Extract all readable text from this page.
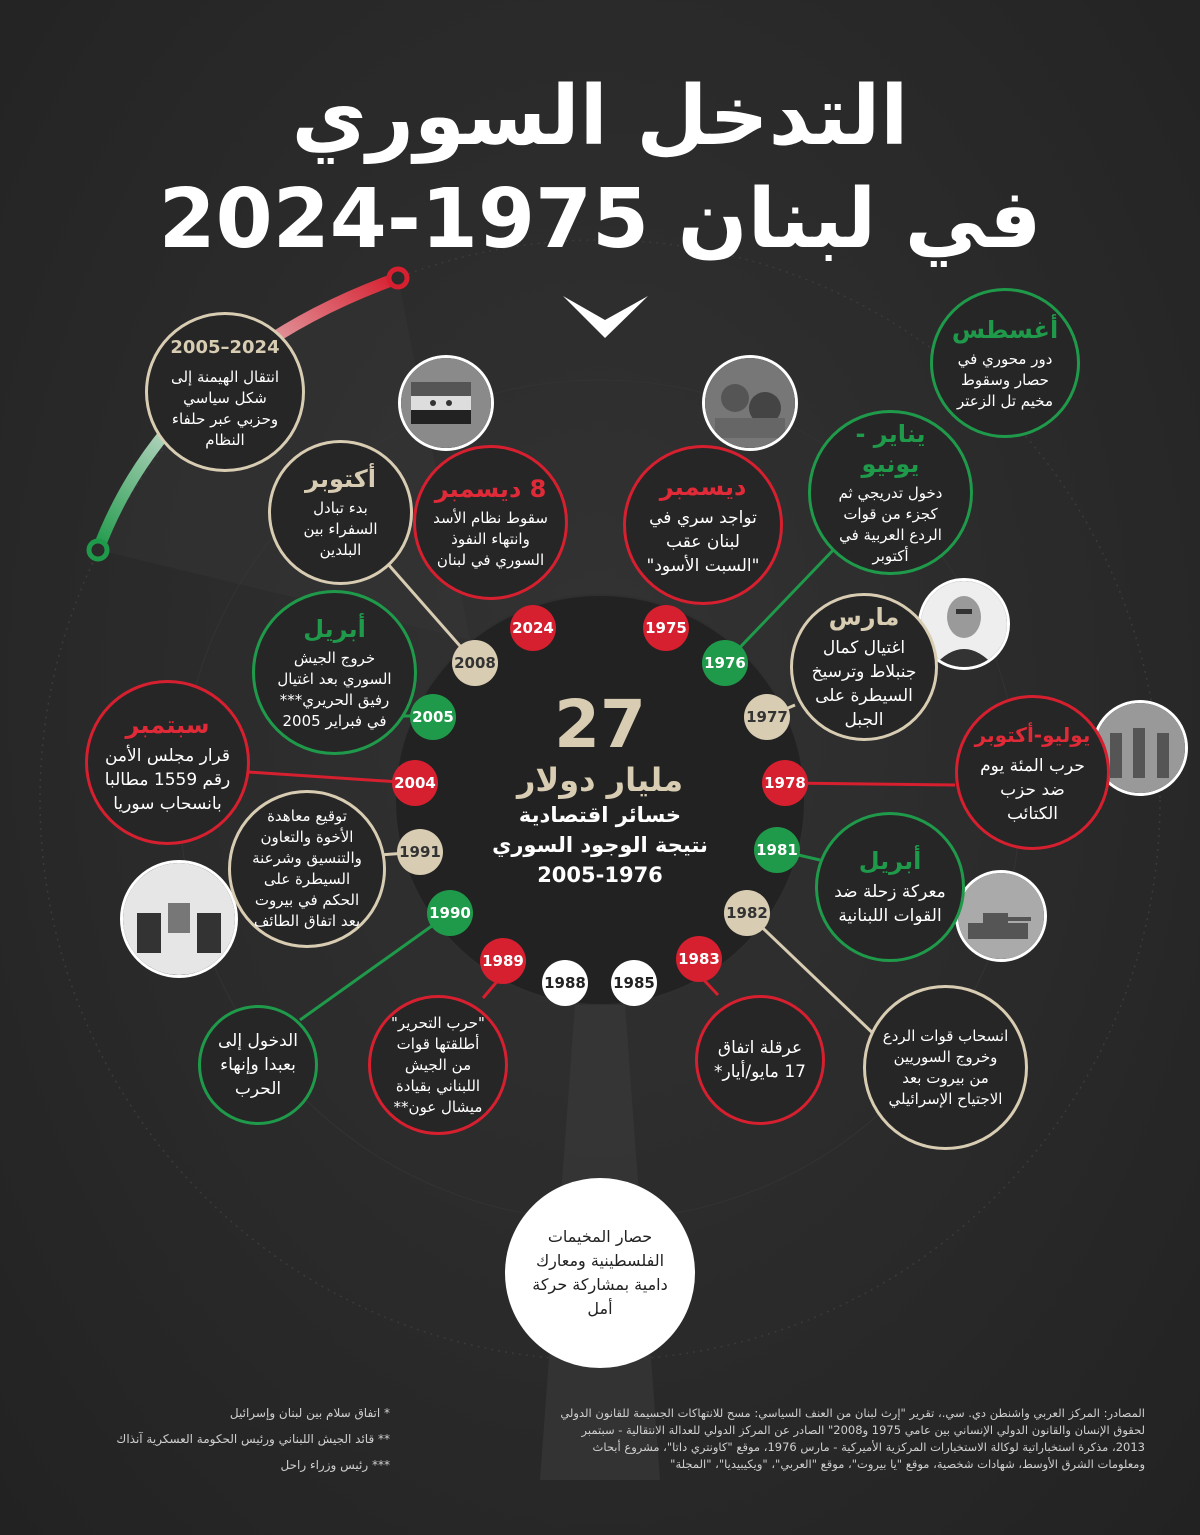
التدخل السوري
في لبنان 1975-2024
2024–2005
انتقال الهيمنة إلى شكل سياسي وحزبي عبر حلفاء النظام
أغسطس
دور محوري في حصار وسقوط مخيم تل الزعتر
أكتوبر
بدء تبادل السفراء بين البلدين
8 ديسمبر
سقوط نظام الأسد وانتهاء النفوذ السوري في لبنان
ديسمبر
تواجد سري في لبنان عقب "السبت الأسود"
يناير - يونيو
دخول تدريجي ثم كجزء من قوات الردع العربية في أكتوبر
أبريل
خروج الجيش السوري بعد اغتيال رفيق الحريري*** في فبراير 2005
مارس
اغتيال كمال جنبلاط وترسيخ السيطرة على الجبل
سبتمبر
قرار مجلس الأمن رقم 1559 مطالبا بانسحاب سوريا
يوليو-أكتوبر
حرب المئة يوم ضد حزب الكتائب
توقيع معاهدة الأخوة والتعاون والتنسيق وشرعنة السيطرة على الحكم في بيروت بعد اتفاق الطائف
أبريل
معركة زحلة ضد القوات اللبنانية
الدخول إلى بعبدا وإنهاء الحرب
"حرب التحرير" أطلقتها قوات من الجيش اللبناني بقيادة ميشال عون**
عرقلة اتفاق 17 مايو/أيار*
انسحاب قوات الردع وخروج السوريين من بيروت بعد الاجتياح الإسرائيلي
حصار المخيمات الفلسطينية ومعارك دامية بمشاركة حركة أمل
2024	1975
2008	1976
2005	1977
2004	1978
1991	1981
1990	1982
1989	1983
1988 1985
27
مليار دولار
خسائر اقتصادية
نتيجة الوجود السوري
2005-1976
المصادر: المركز العربي واشنطن دي. سي.، تقرير "إرث لبنان من العنف السياسي: مسح للانتهاكات الجسيمة للقانون الدولي لحقوق الإنسان والقانون الدولي الإنساني بين عامي 1975 و2008" الصادر عن المركز الدولي للعدالة الانتقالية - سبتمبر 2013، مذكرة استخباراتية لوكالة الاستخبارات المركزية الأميركية - مارس 1976، موقع "كاونتري داتا"، مشروع أبحاث ومعلومات الشرق الأوسط، شهادات شخصية، موقع "يا بيروت"، موقع "العربي"، "ويكيبيديا"، "المجلة"
* اتفاق سلام بين لبنان وإسرائيل
** قائد الجيش اللبناني ورئيس الحكومة العسكرية آنذاك
*** رئيس وزراء راحل
